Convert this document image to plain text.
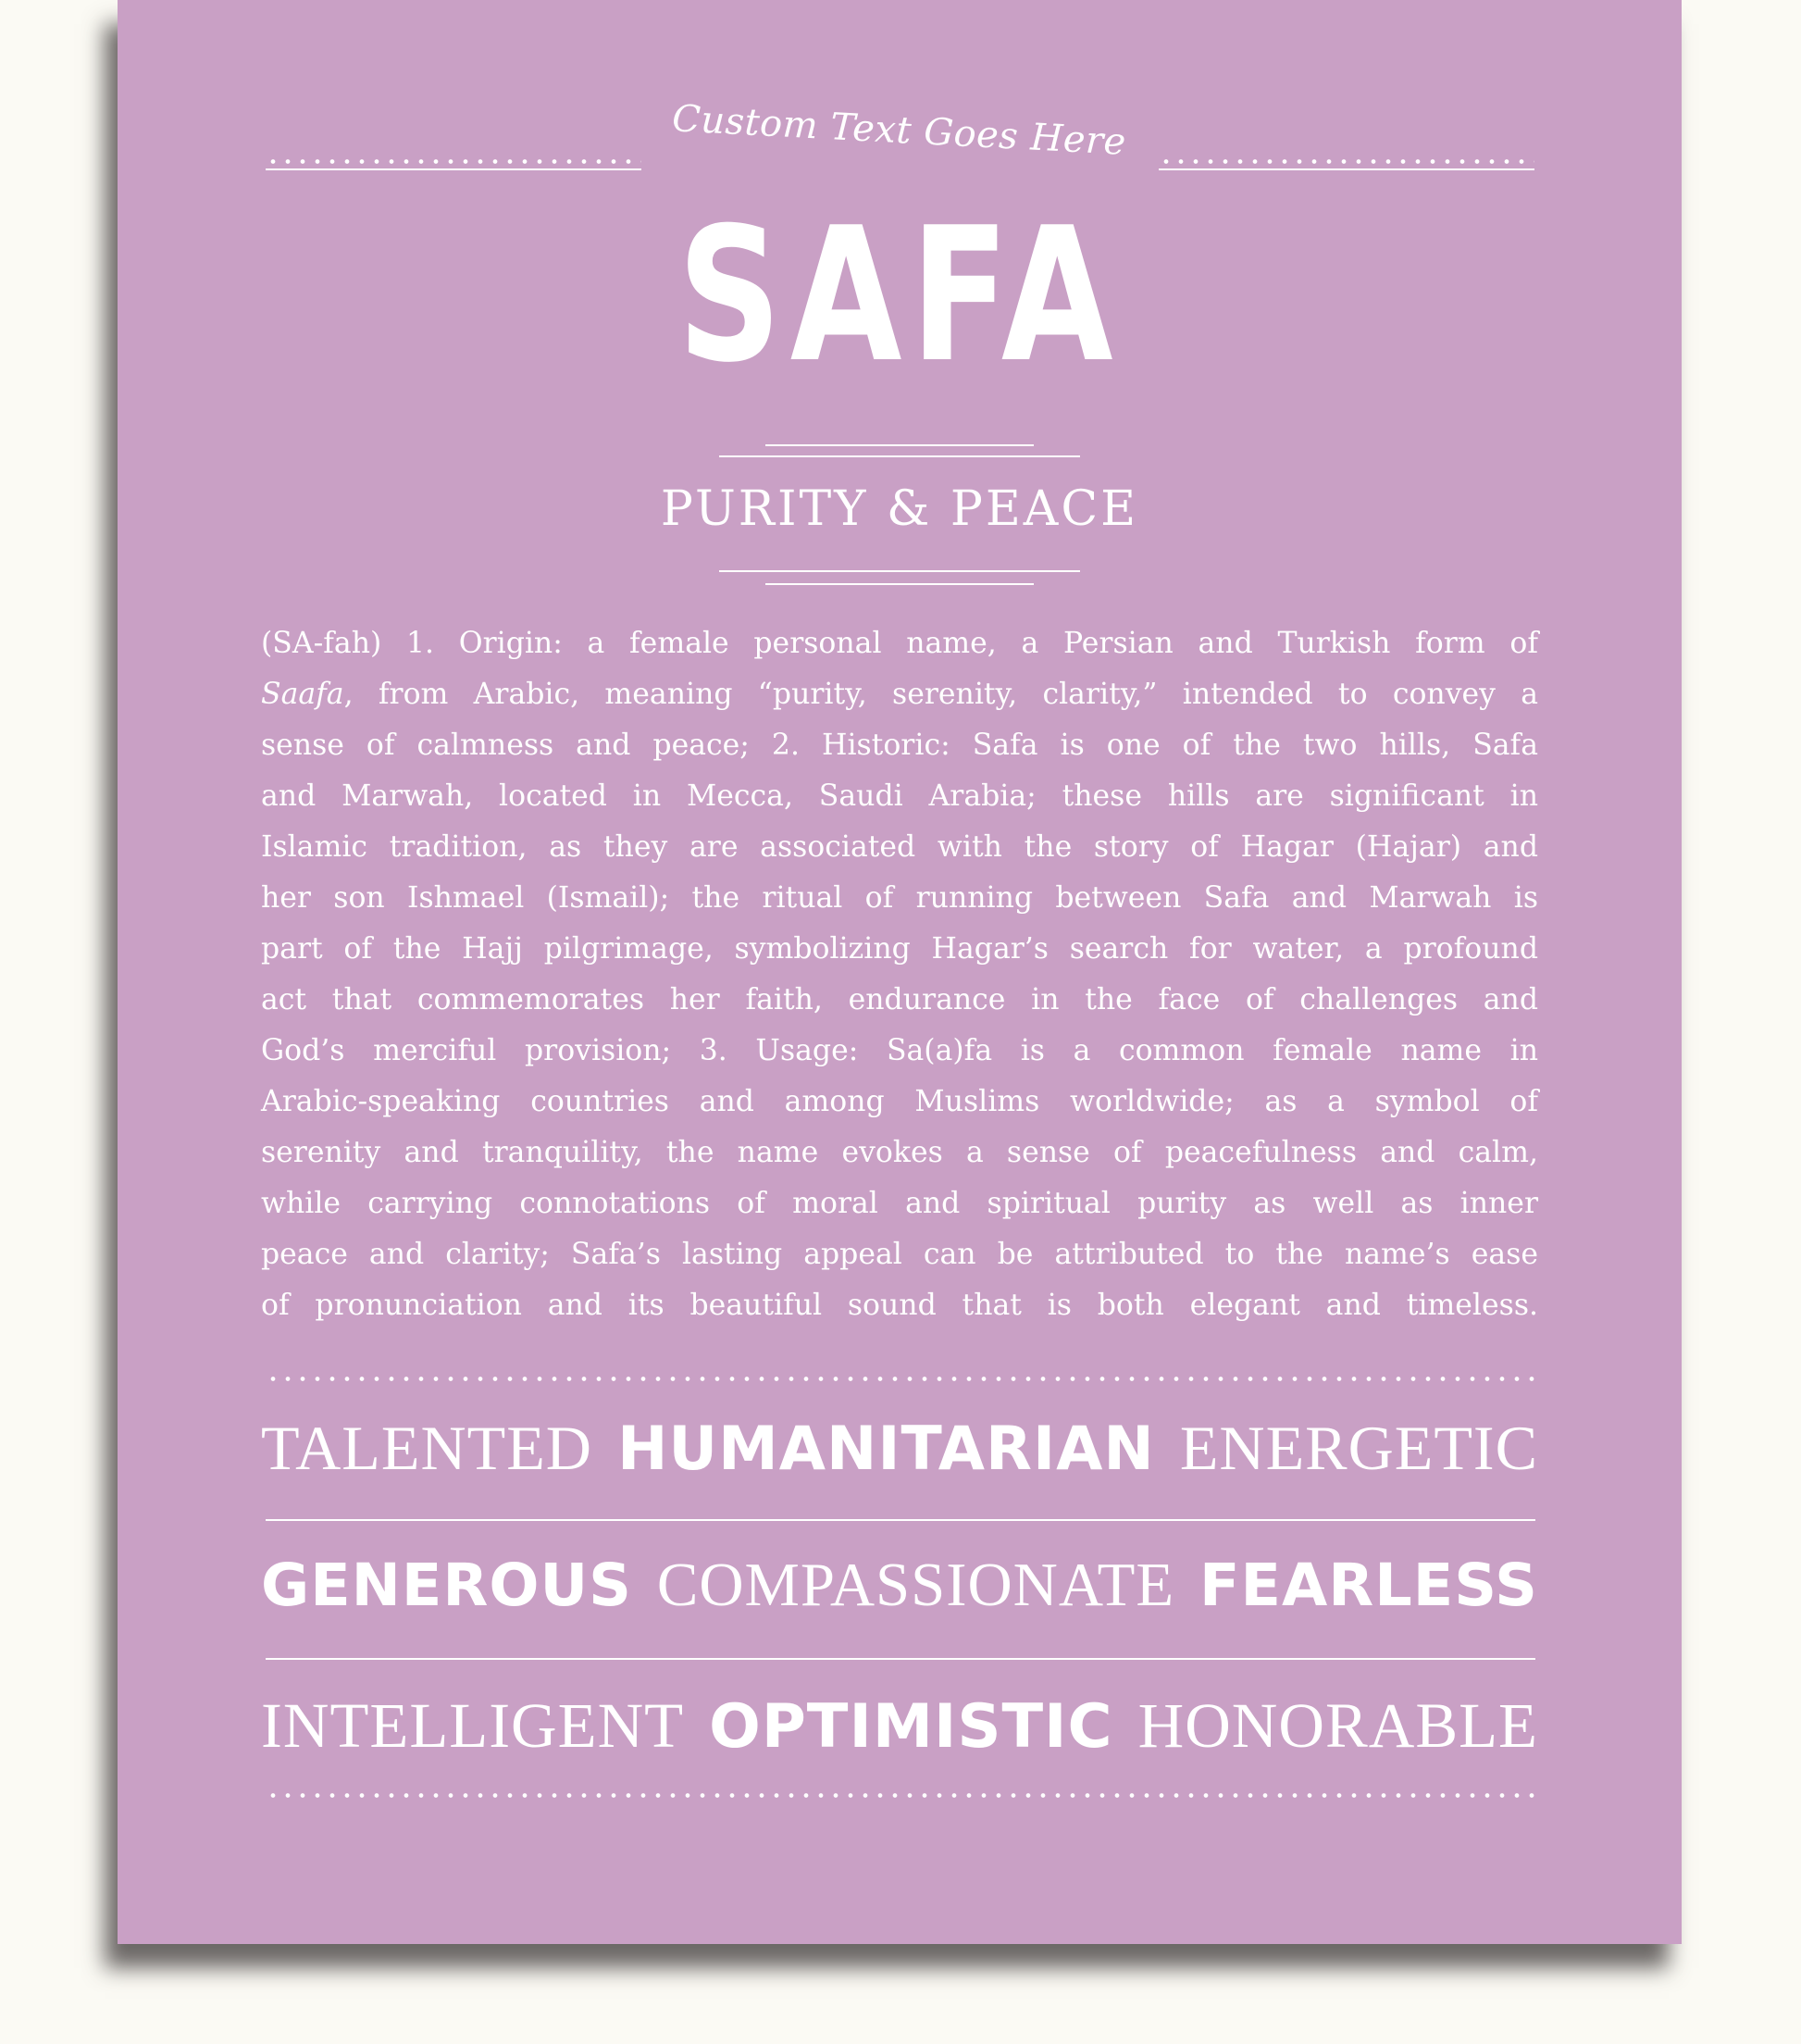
Custom Text Goes Here
SAFA
PURITY & PEACE
(SA-fah) 1. Origin: a female personal name, a Persian and Turkish form of
Saafa, from Arabic, meaning “purity, serenity, clarity,” intended to convey a
sense of calmness and peace; 2. Historic: Safa is one of the two hills, Safa
and Marwah, located in Mecca, Saudi Arabia; these hills are significant in
Islamic tradition, as they are associated with the story of Hagar (Hajar) and
her son Ishmael (Ismail); the ritual of running between Safa and Marwah is
part of the Hajj pilgrimage, symbolizing Hagar’s search for water, a profound
act that commemorates her faith, endurance in the face of challenges and
God’s merciful provision; 3. Usage: Sa(a)fa is a common female name in
Arabic-speaking countries and among Muslims worldwide; as a symbol of
serenity and tranquility, the name evokes a sense of peacefulness and calm,
while carrying connotations of moral and spiritual purity as well as inner
peace and clarity; Safa’s lasting appeal can be attributed to the name’s ease
of pronunciation and its beautiful sound that is both elegant and timeless.
TALENTED HUMANITARIAN ENERGETIC
GENEROUS COMPASSIONATE FEARLESS
INTELLIGENT OPTIMISTIC HONORABLE
